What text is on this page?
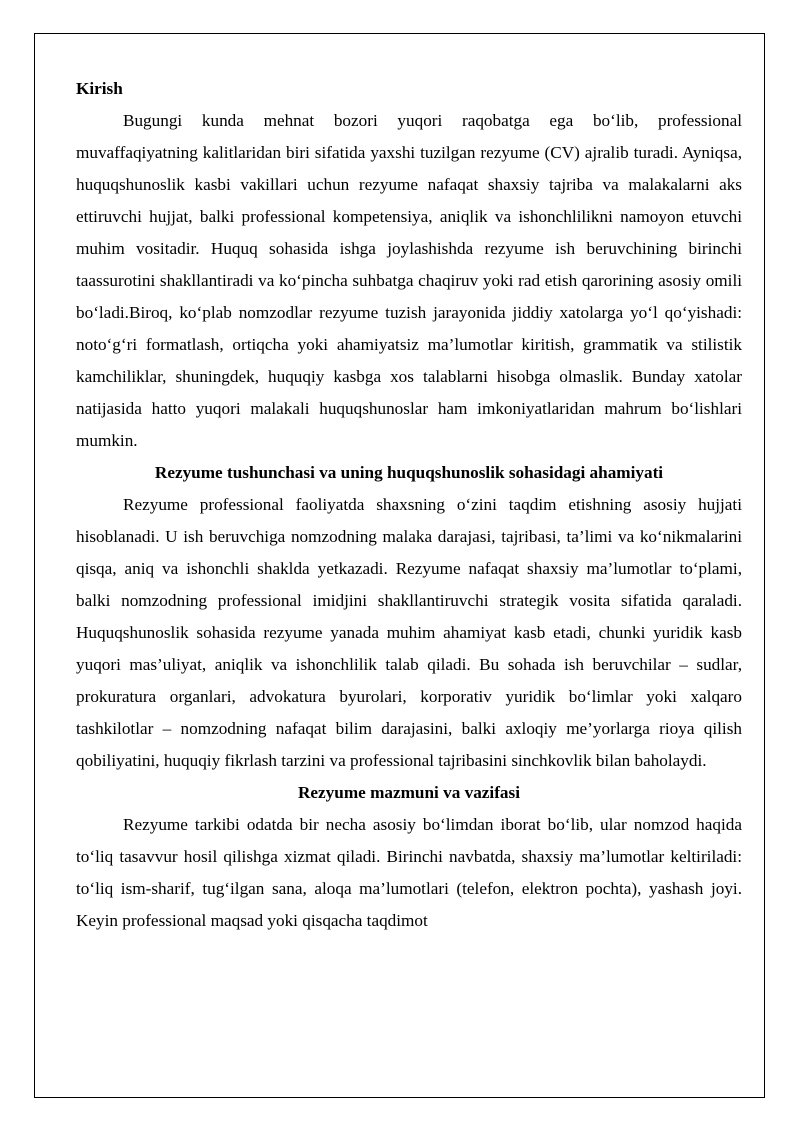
Kirish

Bugungi kunda mehnat bozori yuqori raqobatga ega bo‘lib, professional muvaffaqiyatning kalitlaridan biri sifatida yaxshi tuzilgan rezyume (CV) ajralib turadi. Ayniqsa, huquqshunoslik kasbi vakillari uchun rezyume nafaqat shaxsiy tajriba va malakalarni aks ettiruvchi hujjat, balki professional kompetensiya, aniqlik va ishonchlilikni namoyon etuvchi muhim vositadir. Huquq sohasida ishga joylashishda rezyume ish beruvchining birinchi taassurotini shakllantiradi va ko‘pincha suhbatga chaqiruv yoki rad etish qarorining asosiy omili bo‘ladi.Biroq, ko‘plab nomzodlar rezyume tuzish jarayonida jiddiy xatolarga yo‘l qo‘yishadi: noto‘g‘ri formatlash, ortiqcha yoki ahamiyatsiz ma’lumotlar kiritish, grammatik va stilistik kamchiliklar, shuningdek, huquqiy kasbga xos talablarni hisobga olmaslik. Bunday xatolar natijasida hatto yuqori malakali huquqshunoslar ham imkoniyatlaridan mahrum bo‘lishlari mumkin.

Rezyume tushunchasi va uning huquqshunoslik sohasidagi ahamiyati

Rezyume professional faoliyatda shaxsning o‘zini taqdim etishning asosiy hujjati hisoblanadi. U ish beruvchiga nomzodning malaka darajasi, tajribasi, ta’limi va ko‘nikmalarini qisqa, aniq va ishonchli shaklda yetkazadi. Rezyume nafaqat shaxsiy ma’lumotlar to‘plami, balki nomzodning professional imidjini shakllantiruvchi strategik vosita sifatida qaraladi. Huquqshunoslik sohasida rezyume yanada muhim ahamiyat kasb etadi, chunki yuridik kasb yuqori mas’uliyat, aniqlik va ishonchlilik talab qiladi. Bu sohada ish beruvchilar – sudlar, prokuratura organlari, advokatura byurolari, korporativ yuridik bo‘limlar yoki xalqaro tashkilotlar – nomzodning nafaqat bilim darajasini, balki axloqiy me’yorlarga rioya qilish qobiliyatini, huquqiy fikrlash tarzini va professional tajribasini sinchkovlik bilan baholaydi.

Rezyume mazmuni va vazifasi

Rezyume tarkibi odatda bir necha asosiy bo‘limdan iborat bo‘lib, ular nomzod haqida to‘liq tasavvur hosil qilishga xizmat qiladi. Birinchi navbatda, shaxsiy ma’lumotlar keltiriladi: to‘liq ism-sharif, tug‘ilgan sana, aloqa ma’lumotlari (telefon, elektron pochta), yashash joyi. Keyin professional maqsad yoki qisqacha taqdimot
